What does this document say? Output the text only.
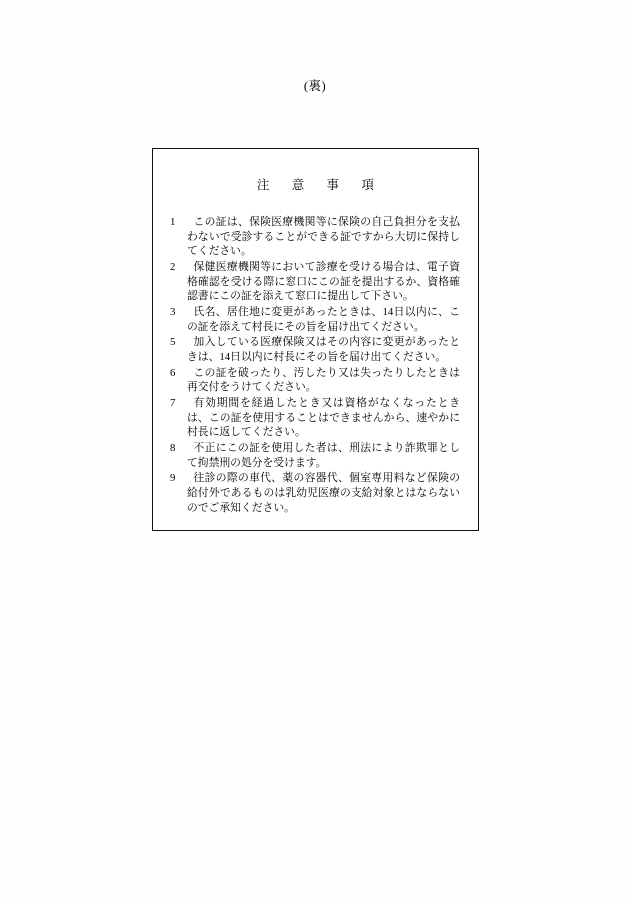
(裏)
注 意 事 項
1	この証は、保険医療機関等に保険の自己負担分を支払わないで受診することができる証ですから大切に保持してください。
2	保健医療機関等において診療を受ける場合は、電子資格確認を受ける際に窓口にこの証を提出するか、資格確認書にこの証を添えて窓口に提出して下さい。
3	氏名、居住地に変更があったときは、14日以内に、この証を添えて村長にその旨を届け出てください。
5	加入している医療保険又はその内容に変更があったときは、14日以内に村長にその旨を届け出てください。
6	この証を破ったり、汚したり又は失ったりしたときは再交付をうけてください。
7	有効期間を経過したとき又は資格がなくなったときは、この証を使用することはできませんから、速やかに村長に返してください。
8	不正にこの証を使用した者は、刑法により詐欺罪として拘禁刑の処分を受けます。
9	往診の際の車代、薬の容器代、個室専用料など保険の給付外であるものは乳幼児医療の支給対象とはならないのでご承知ください。
